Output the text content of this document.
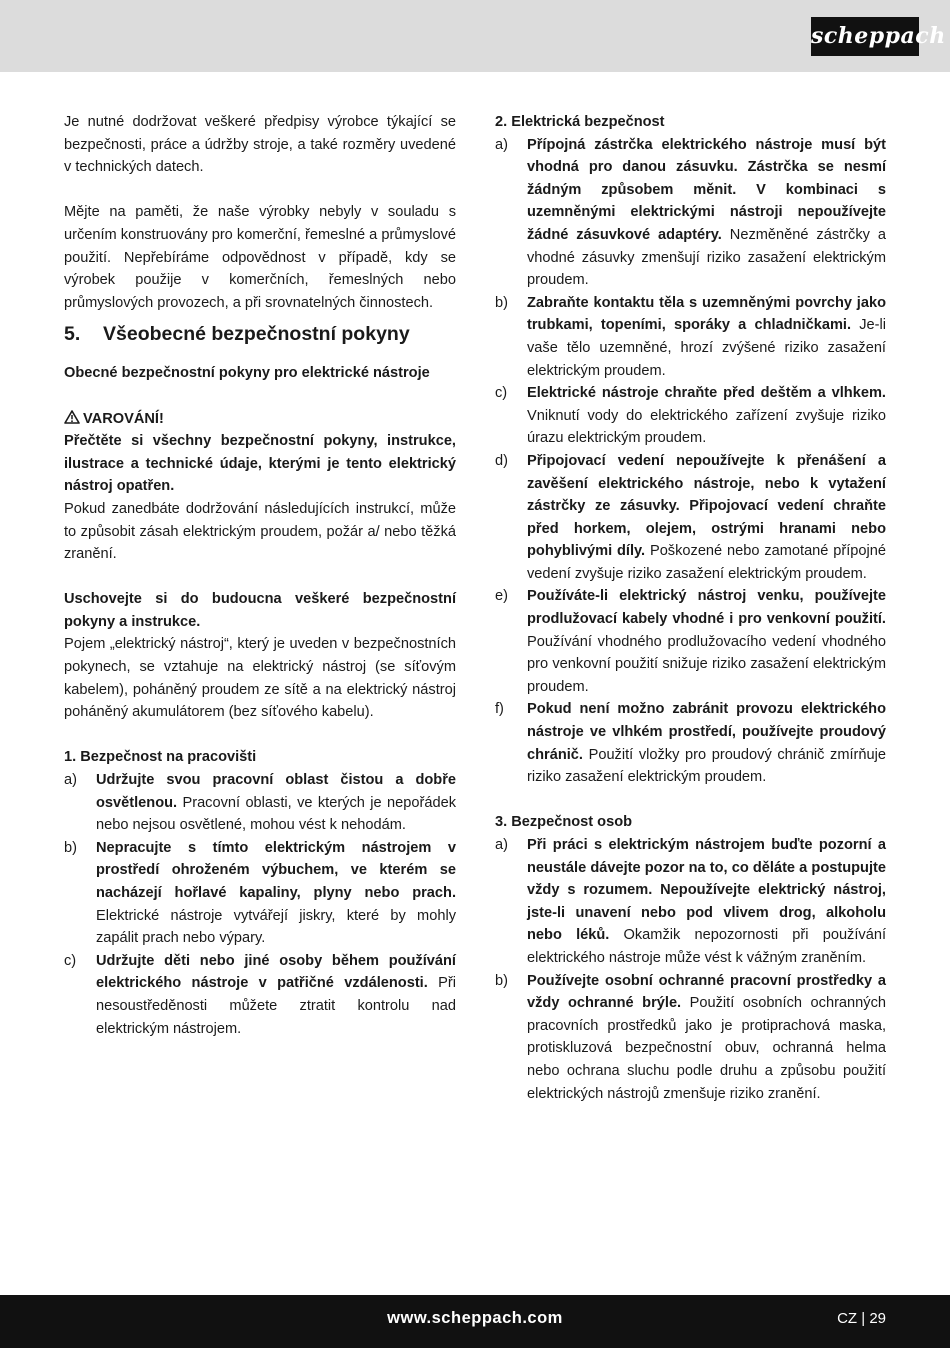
scheppach

Je nutné dodržovat veškeré předpisy výrobce týkající se bezpečnosti, práce a údržby stroje, a také rozměry uvedené v technických datech.

Mějte na paměti, že naše výrobky nebyly v souladu s určením konstruovány pro komerční, řemeslné a průmyslové použití. Nepřebíráme odpovědnost v případě, kdy se výrobek použije v komerčních, řemeslných nebo průmyslových provozech, a při srovnatelných činnostech.

5.	Všeobecné bezpečnostní pokyny

Obecné bezpečnostní pokyny pro elektrické nástroje

VAROVÁNÍ!

Přečtěte si všechny bezpečnostní pokyny, instrukce, ilustrace a technické údaje, kterými je tento elektrický nástroj opatřen.

Pokud zanedbáte dodržování následujících instrukcí, může to způsobit zásah elektrickým proudem, požár a/ nebo těžká zranění.

Uschovejte si do budoucna veškeré bezpečnostní pokyny a instrukce.

Pojem „elektrický nástroj“, který je uveden v bezpečnostních pokynech, se vztahuje na elektrický nástroj (se síťovým kabelem), poháněný proudem ze sítě a na elektrický nástroj poháněný akumulátorem (bez síťového kabelu).

1. Bezpečnost na pracovišti

a)	Udržujte svou pracovní oblast čistou a dobře osvětlenou. Pracovní oblasti, ve kterých je nepořádek nebo nejsou osvětlené, mohou vést k nehodám.
b)	Nepracujte s tímto elektrickým nástrojem v prostředí ohroženém výbuchem, ve kterém se nacházejí hořlavé kapaliny, plyny nebo prach. Elektrické nástroje vytvářejí jiskry, které by mohly zapálit prach nebo výpary.
c)	Udržujte děti nebo jiné osoby během používání elektrického nástroje v patřičné vzdálenosti. Při nesoustředěnosti můžete ztratit kontrolu nad elektrickým nástrojem.

2. Elektrická bezpečnost

a)	Přípojná zástrčka elektrického nástroje musí být vhodná pro danou zásuvku. Zástrčka se nesmí žádným způsobem měnit. V kombinaci s uzemněnými elektrickými nástroji nepoužívejte žádné zásuvkové adaptéry. Nezměněné zástrčky a vhodné zásuvky zmenšují riziko zasažení elektrickým proudem.
b)	Zabraňte kontaktu těla s uzemněnými povrchy jako trubkami, topeními, sporáky a chladničkami. Je-li vaše tělo uzemněné, hrozí zvýšené riziko zasažení elektrickým proudem.
c)	Elektrické nástroje chraňte před deštěm a vlhkem. Vniknutí vody do elektrického zařízení zvyšuje riziko úrazu elektrickým proudem.
d)	Připojovací vedení nepoužívejte k přenášení a zavěšení elektrického nástroje, nebo k vytažení zástrčky ze zásuvky. Připojovací vedení chraňte před horkem, olejem, ostrými hranami nebo pohyblivými díly. Poškozené nebo zamotané přípojné vedení zvyšuje riziko zasažení elektrickým proudem.
e)	Používáte-li elektrický nástroj venku, používejte prodlužovací kabely vhodné i pro venkovní použití. Používání vhodného prodlužovacího vedení vhodného pro venkovní použití snižuje riziko zasažení elektrickým proudem.
f)	Pokud není možno zabránit provozu elektrického nástroje ve vlhkém prostředí, používejte proudový chránič. Použití vložky pro proudový chránič zmírňuje riziko zasažení elektrickým proudem.

3. Bezpečnost osob

a)	Při práci s elektrickým nástrojem buďte pozorní a neustále dávejte pozor na to, co děláte a postupujte vždy s rozumem. Nepoužívejte elektrický nástroj, jste-li unavení nebo pod vlivem drog, alkoholu nebo léků. Okamžik nepozornosti při používání elektrického nástroje může vést k vážným zraněním.
b)	Používejte osobní ochranné pracovní prostředky a vždy ochranné brýle. Použití osobních ochranných pracovních prostředků jako je protiprachová maska, protiskluzová bezpečnostní obuv, ochranná helma nebo ochrana sluchu podle druhu a způsobu použití elektrických nástrojů zmenšuje riziko zranění.
www.scheppach.com	CZ | 29
